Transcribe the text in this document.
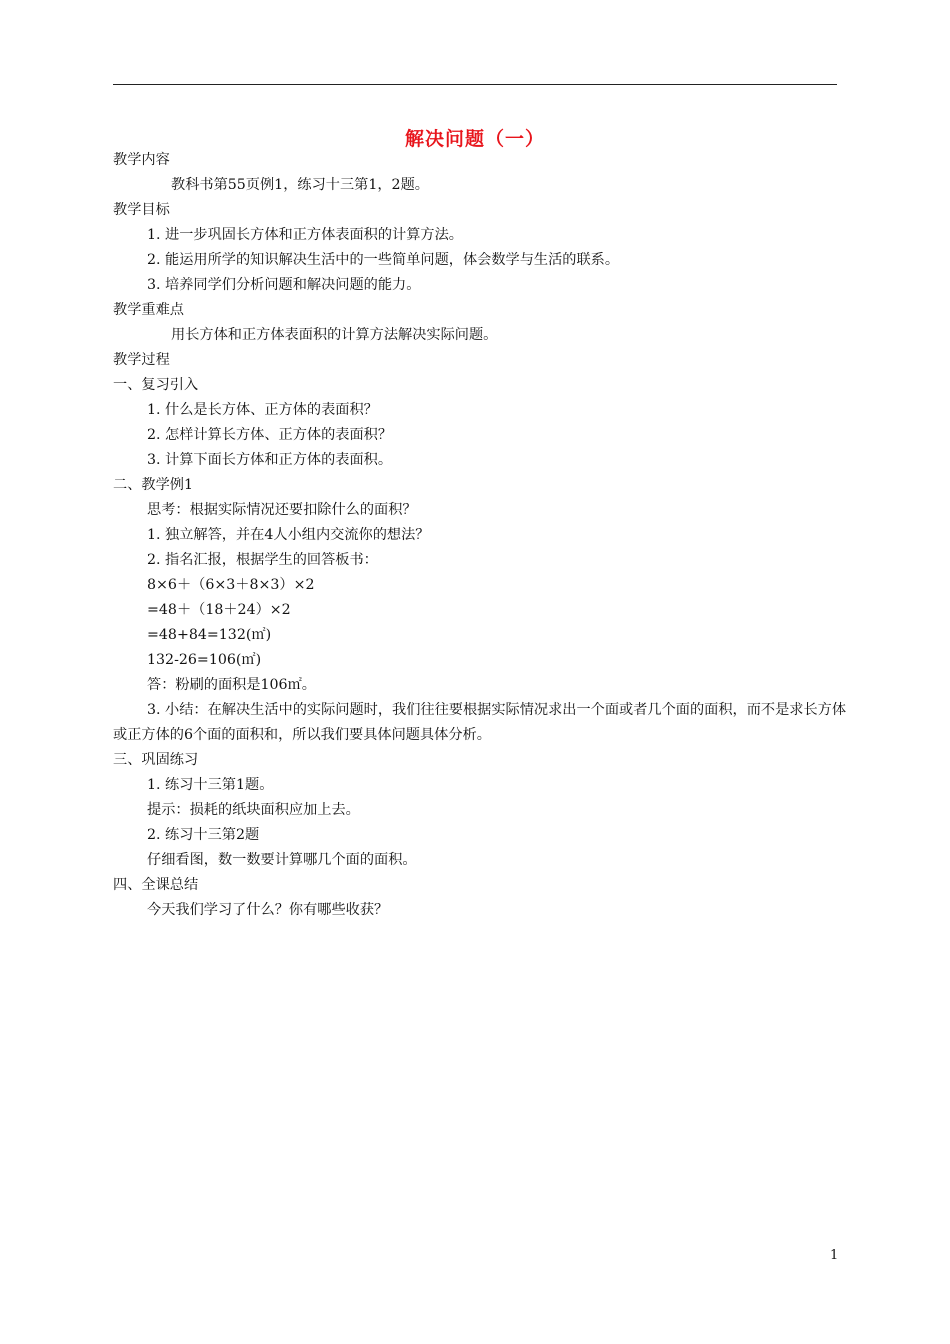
解决问题（一）
教学内容
教科书第55页例1，练习十三第1，2题。
教学目标
1. 进一步巩固长方体和正方体表面积的计算方法。
2. 能运用所学的知识解决生活中的一些简单问题，体会数学与生活的联系。
3. 培养同学们分析问题和解决问题的能力。
教学重难点
用长方体和正方体表面积的计算方法解决实际问题。
教学过程
一、复习引入
1. 什么是长方体、正方体的表面积？
2. 怎样计算长方体、正方体的表面积？
3. 计算下面长方体和正方体的表面积。
二、教学例1
思考：根据实际情况还要扣除什么的面积？
1. 独立解答，并在4人小组内交流你的想法？
2. 指名汇报，根据学生的回答板书：
8×6＋（6×3＋8×3）×2
=48＋（18＋24）×2
=48+84=132(㎡)
132-26=106(㎡)
答：粉刷的面积是106㎡。
3. 小结：在解决生活中的实际问题时，我们往往要根据实际情况求出一个面或者几个面的面积，而不是求长方体或正方体的6个面的面积和，所以我们要具体问题具体分析。
三、巩固练习
1. 练习十三第1题。
提示：损耗的纸块面积应加上去。
2. 练习十三第2题
仔细看图，数一数要计算哪几个面的面积。
四、全课总结
今天我们学习了什么？你有哪些收获？
1
